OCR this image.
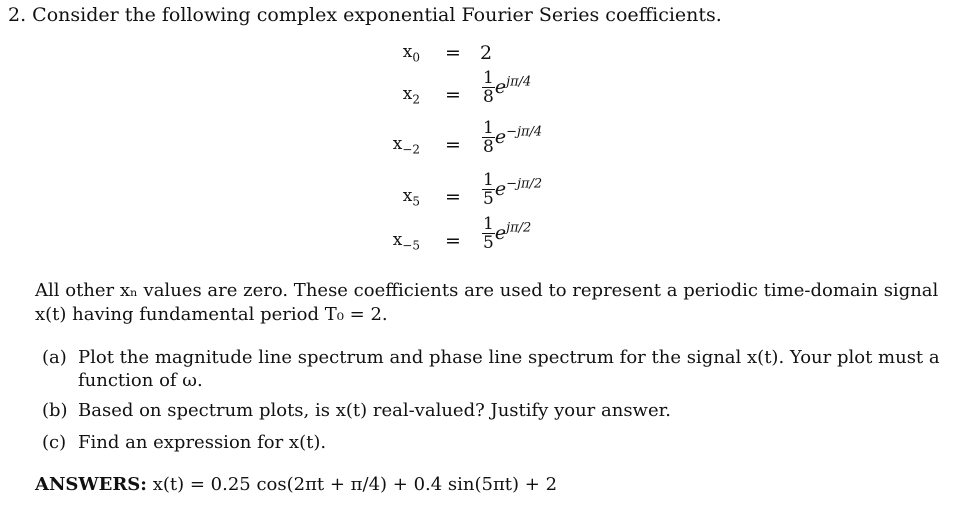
2. Consider the following complex exponential Fourier Series coefficients.
$x_0$	=	2
$x_2$	=	$\frac{1}{8} e^{j\pi/4}$
$x_{-2}$	=	$\frac{1}{8} e^{-j\pi/4}$
$x_5$	=	$\frac{1}{5} e^{-j\pi/2}$
$x_{-5}$	=	$\frac{1}{5} e^{j\pi/2}$
All other xₙ values are zero. These coefficients are used to represent a periodic time-domain signal
x(t) having fundamental period T₀ = 2.
(a) Plot the magnitude line spectrum and phase line spectrum for the signal x(t). Your plot must a
function of ω.
(b) Based on spectrum plots, is x(t) real-valued? Justify your answer.
(c) Find an expression for x(t).
ANSWERS: x(t) = 0.25 cos(2πt + π/4) + 0.4 sin(5πt) + 2
